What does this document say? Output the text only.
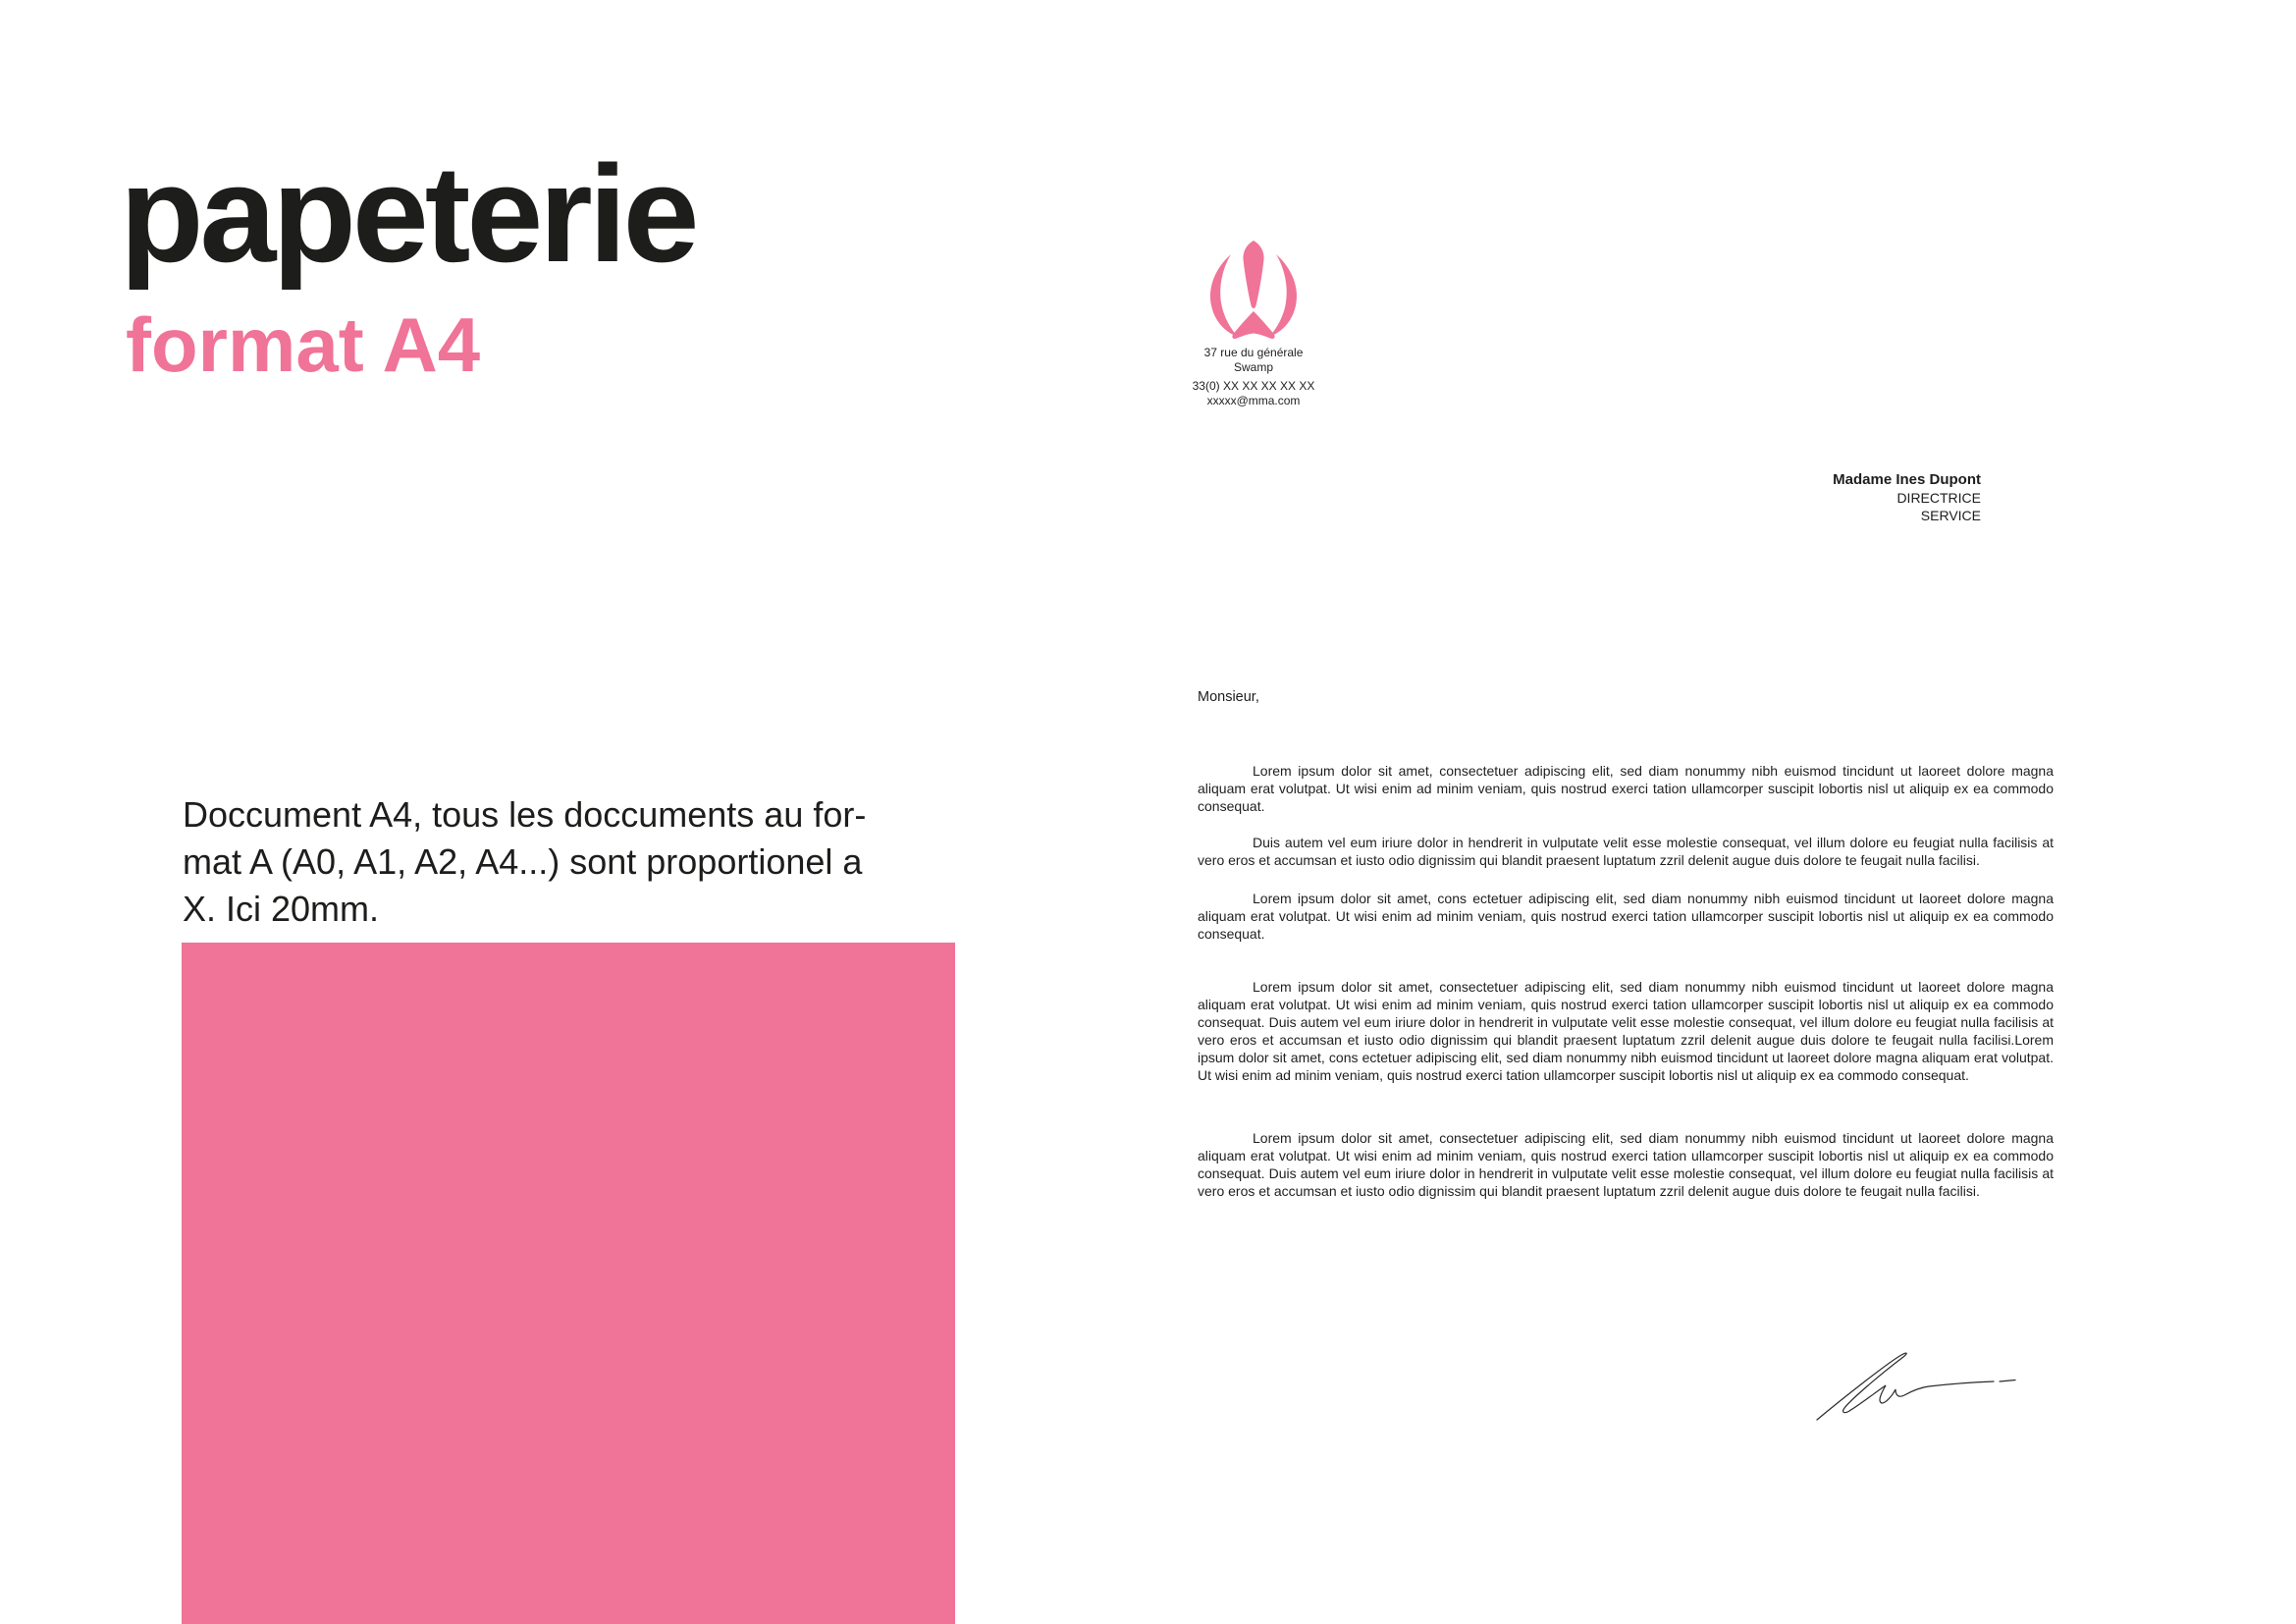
papeterie
format A4
Doccument A4, tous les doccuments au for-
mat A (A0, A1, A2, A4...) sont proportionel a
X. Ici 20mm.
37 rue du générale
Swamp
33(0) XX XX XX XX XX
xxxxx@mma.com
Madame Ines Dupont
DIRECTRICE
SERVICE
Monsieur,

Lorem ipsum dolor sit amet, consectetuer adipiscing elit, sed diam nonummy nibh euismod tincidunt ut laoreet dolore magna aliquam erat volutpat. Ut wisi enim ad minim veniam, quis nostrud exerci tation ullamcorper suscipit lobortis nisl ut aliquip ex ea commodo consequat.

Duis autem vel eum iriure dolor in hendrerit in vulputate velit esse molestie consequat, vel illum dolore eu feugiat nulla facilisis at vero eros et accumsan et iusto odio dignissim qui blandit praesent luptatum zzril delenit augue duis dolore te feugait nulla facilisi.

Lorem ipsum dolor sit amet, cons ectetuer adipiscing elit, sed diam nonummy nibh euismod tincidunt ut laoreet dolore magna aliquam erat volutpat. Ut wisi enim ad minim veniam, quis nostrud exerci tation ullamcorper suscipit lobortis nisl ut aliquip ex ea commodo consequat.

Lorem ipsum dolor sit amet, consectetuer adipiscing elit, sed diam nonummy nibh euismod tincidunt ut laoreet dolore magna aliquam erat volutpat. Ut wisi enim ad minim veniam, quis nostrud exerci tation ullamcorper suscipit lobortis nisl ut aliquip ex ea commodo consequat. Duis autem vel eum iriure dolor in hendrerit in vulputate velit esse molestie consequat, vel illum dolore eu feugiat nulla facilisis at vero eros et accumsan et iusto odio dignissim qui blandit praesent luptatum zzril delenit augue duis dolore te feugait nulla facilisi.Lorem ipsum dolor sit amet, cons ectetuer adipiscing elit, sed diam nonummy nibh euismod tincidunt ut laoreet dolore magna aliquam erat volutpat. Ut wisi enim ad minim veniam, quis nostrud exerci tation ullamcorper suscipit lobortis nisl ut aliquip ex ea commodo consequat.

Lorem ipsum dolor sit amet, consectetuer adipiscing elit, sed diam nonummy nibh euismod tincidunt ut laoreet dolore magna aliquam erat volutpat. Ut wisi enim ad minim veniam, quis nostrud exerci tation ullamcorper suscipit lobortis nisl ut aliquip ex ea commodo consequat. Duis autem vel eum iriure dolor in hendrerit in vulputate velit esse molestie consequat, vel illum dolore eu feugiat nulla facilisis at vero eros et accumsan et iusto odio dignissim qui blandit praesent luptatum zzril delenit augue duis dolore te feugait nulla facilisi.
